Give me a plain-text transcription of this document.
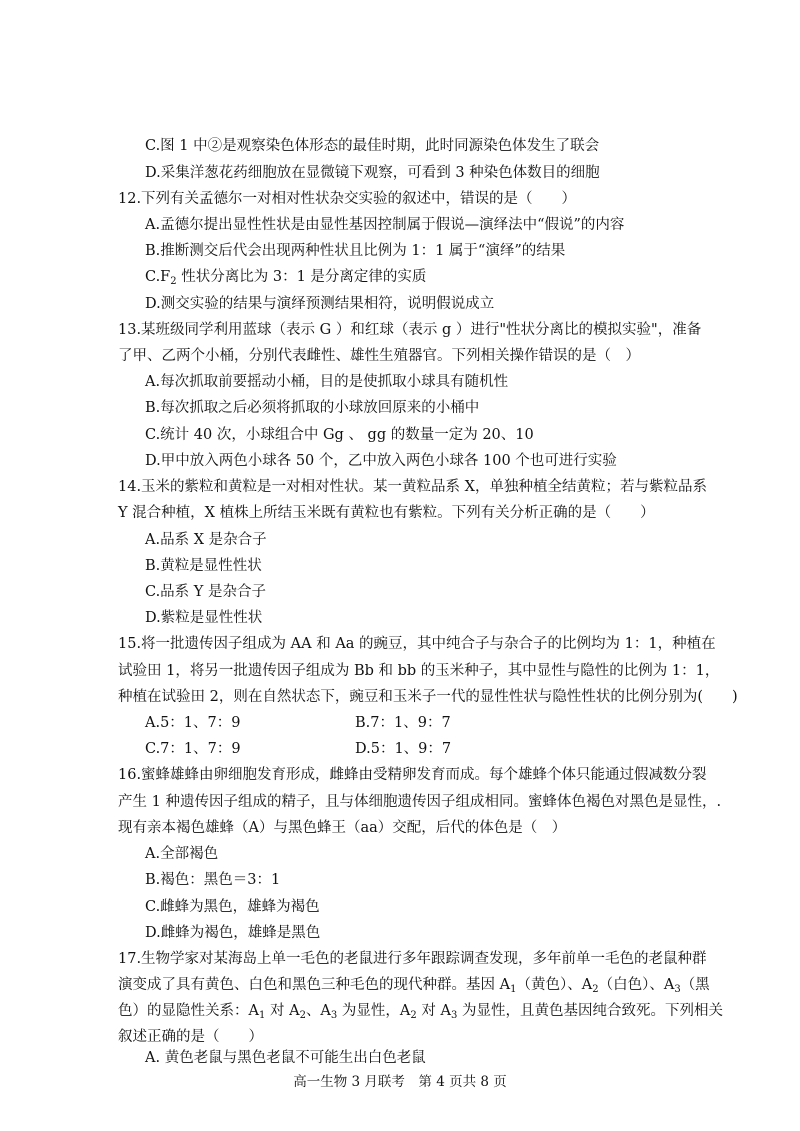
C.图 1 中②是观察染色体形态的最佳时期，此时同源染色体发生了联会
D.采集洋葱花药细胞放在显微镜下观察，可看到 3 种染色体数目的细胞
12.下列有关孟德尔一对相对性状杂交实验的叙述中，错误的是（　　）
A.孟德尔提出显性性状是由显性基因控制属于假说—演绎法中“假说”的内容
B.推断测交后代会出现两种性状且比例为 1：1 属于“演绎”的结果
$C.F_2$ 性状分离比为 3：1 是分离定律的实质
D.测交实验的结果与演绎预测结果相符，说明假说成立
13.某班级同学利用蓝球（表示 G ）和红球（表示 g ）进行"性状分离比的模拟实验"，准备
了甲、乙两个小桶，分别代表雌性、雄性生殖器官。下列相关操作错误的是（　）
A.每次抓取前要摇动小桶，目的是使抓取小球具有随机性
B.每次抓取之后必须将抓取的小球放回原来的小桶中
C.统计 40 次，小球组合中 Gg 、 gg 的数量一定为 20、10
D.甲中放入两色小球各 50 个，乙中放入两色小球各 100 个也可进行实验
14.玉米的紫粒和黄粒是一对相对性状。某一黄粒品系 X，单独种植全结黄粒；若与紫粒品系
Y 混合种植，X 植株上所结玉米既有黄粒也有紫粒。下列有关分析正确的是（　　）
A.品系 X 是杂合子
B.黄粒是显性性状
C.品系 Y 是杂合子
D.紫粒是显性性状
15.将一批遗传因子组成为 AA 和 Aa 的豌豆，其中纯合子与杂合子的比例均为 1：1，种植在
试验田 1，将另一批遗传因子组成为 Bb 和 bb 的玉米种子，其中显性与隐性的比例为 1：1，
种植在试验田 2，则在自然状态下，豌豆和玉米子一代的显性性状与隐性性状的比例分别为(　　)
A.5：1、7：9	B.7：1、9：7
C.7：1、7：9	D.5：1、9：7
16.蜜蜂雄蜂由卵细胞发育形成，雌蜂由受精卵发育而成。每个雄蜂个体只能通过假减数分裂
产生 1 种遗传因子组成的精子，且与体细胞遗传因子组成相同。蜜蜂体色褐色对黑色是显性，.
现有亲本褐色雄蜂（A）与黑色蜂王（aa）交配，后代的体色是（　）
A.全部褐色
B.褐色：黑色＝3：1
C.雌蜂为黑色，雄蜂为褐色
D.雌蜂为褐色，雄蜂是黑色
17.生物学家对某海岛上单一毛色的老鼠进行多年跟踪调查发现，多年前单一毛色的老鼠种群
演变成了具有黄色、白色和黑色三种毛色的现代种群。基因 $A_1$（黄色）、$A_2$（白色）、$A_3$（黑
色）的显隐性关系：$A_1$ 对 $A_2$、$A_3$ 为显性，$A_2$ 对 $A_3$ 为显性，且黄色基因纯合致死。下列相关
叙述正确的是（　　）
A. 黄色老鼠与黑色老鼠不可能生出白色老鼠
高一生物 3 月联考　第 4 页共 8 页
